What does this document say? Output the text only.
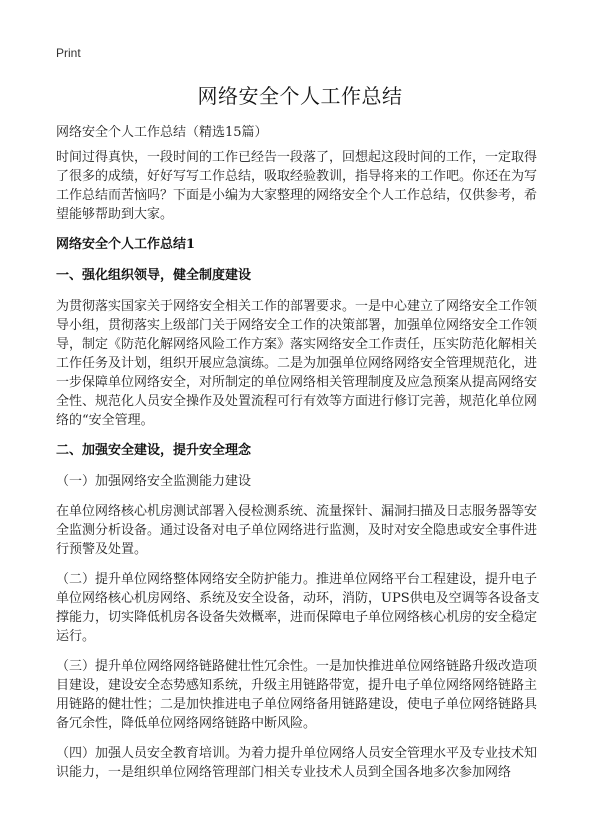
Print
网络安全个人工作总结
网络安全个人工作总结（精选15篇）

时间过得真快，一段时间的工作已经告一段落了，回想起这段时间的工作，一定取得了很多的成绩，好好写写工作总结，吸取经验教训，指导将来的工作吧。你还在为写工作总结而苦恼吗？下面是小编为大家整理的网络安全个人工作总结，仅供参考，希望能够帮助到大家。

网络安全个人工作总结1
一、强化组织领导，健全制度建设

为贯彻落实国家关于网络安全相关工作的部署要求。一是中心建立了网络安全工作领导小组，贯彻落实上级部门关于网络安全工作的决策部署，加强单位网络安全工作领导，制定《防范化解网络风险工作方案》落实网络安全工作责任，压实防范化解相关工作任务及计划，组织开展应急演练。二是为加强单位网络网络安全管理规范化，进一步保障单位网络安全，对所制定的单位网络相关管理制度及应急预案从提高网络安全性、规范化人员安全操作及处置流程可行有效等方面进行修订完善，规范化单位网络的“安全管理。

二、加强安全建设，提升安全理念

（一）加强网络安全监测能力建设

在单位网络核心机房测试部署入侵检测系统、流量探针、漏洞扫描及日志服务器等安全监测分析设备。通过设备对电子单位网络进行监测，及时对安全隐患或安全事件进行预警及处置。

（二）提升单位网络整体网络安全防护能力。推进单位网络平台工程建设，提升电子单位网络核心机房网络、系统及安全设备，动环，消防，UPS供电及空调等各设备支撑能力，切实降低机房各设备失效概率，进而保障电子单位网络核心机房的安全稳定运行。

（三）提升单位网络网络链路健壮性冗余性。一是加快推进单位网络链路升级改造项目建设，建设安全态势感知系统，升级主用链路带宽，提升电子单位网络网络链路主用链路的健壮性；二是加快推进电子单位网络备用链路建设，使电子单位网络链路具备冗余性，降低单位网络网络链路中断风险。

（四）加强人员安全教育培训。为着力提升单位网络人员安全管理水平及专业技术知识能力，一是组织单位网络管理部门相关专业技术人员到全国各地多次参加网络
